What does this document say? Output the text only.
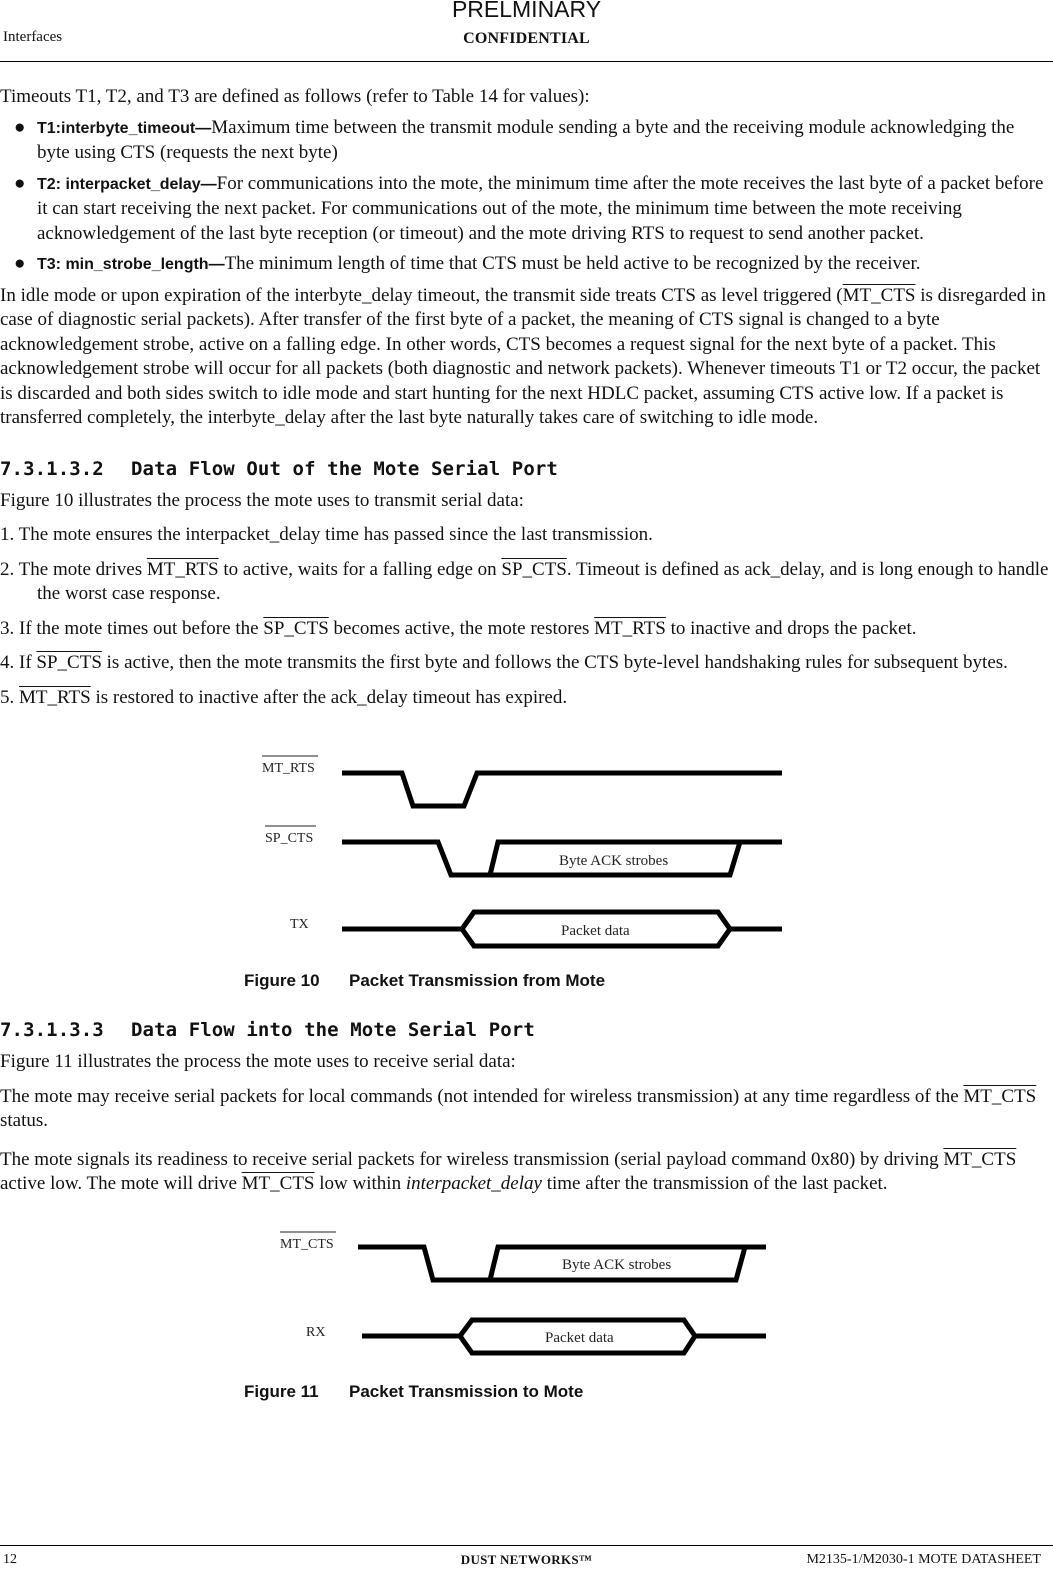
PRELMINARY
Interfaces	CONFIDENTIAL

Timeouts T1, T2, and T3 are defined as follows (refer to Table 14 for values):

● T1:interbyte_timeout—Maximum time between the transmit module sending a byte and the receiving module acknowledging the byte using CTS (requests the next byte)
● T2: interpacket_delay—For communications into the mote, the minimum time after the mote receives the last byte of a packet before it can start receiving the next packet. For communications out of the mote, the minimum time between the mote receiving acknowledgement of the last byte reception (or timeout) and the mote driving RTS to request to send another packet.
● T3: min_strobe_length—The minimum length of time that CTS must be held active to be recognized by the receiver.

In idle mode or upon expiration of the interbyte_delay timeout, the transmit side treats CTS as level triggered (MT_CTS is disregarded in case of diagnostic serial packets). After transfer of the first byte of a packet, the meaning of CTS signal is changed to a byte acknowledgement strobe, active on a falling edge. In other words, CTS becomes a request signal for the next byte of a packet. This acknowledgement strobe will occur for all packets (both diagnostic and network packets). Whenever timeouts T1 or T2 occur, the packet is discarded and both sides switch to idle mode and start hunting for the next HDLC packet, assuming CTS active low. If a packet is transferred completely, the interbyte_delay after the last byte naturally takes care of switching to idle mode.

7.3.1.3.2 Data Flow Out of the Mote Serial Port

Figure 10 illustrates the process the mote uses to transmit serial data:

1. The mote ensures the interpacket_delay time has passed since the last transmission.

2. The mote drives MT_RTS to active, waits for a falling edge on SP_CTS. Timeout is defined as ack_delay, and is long enough to handle the worst case response.

3. If the mote times out before the SP_CTS becomes active, the mote restores MT_RTS to inactive and drops the packet.

4. If SP_CTS is active, then the mote transmits the first byte and follows the CTS byte-level handshaking rules for subsequent bytes.

5. MT_RTS is restored to inactive after the ack_delay timeout has expired.

MT_RTS
SP_CTS
TX
Byte ACK strobes
Packet data
Figure 10 Packet Transmission from Mote
7.3.1.3.3 Data Flow into the Mote Serial Port

Figure 11 illustrates the process the mote uses to receive serial data:

The mote may receive serial packets for local commands (not intended for wireless transmission) at any time regardless of the MT_CTS status.

The mote signals its readiness to receive serial packets for wireless transmission (serial payload command 0x80) by driving MT_CTS active low. The mote will drive MT_CTS low within interpacket_delay time after the transmission of the last packet.

MT_CTS
RX
Byte ACK strobes
Packet data
Figure 11 Packet Transmission to Mote
12	DUST NETWORKS™	M2135-1/M2030-1 MOTE DATASHEET
